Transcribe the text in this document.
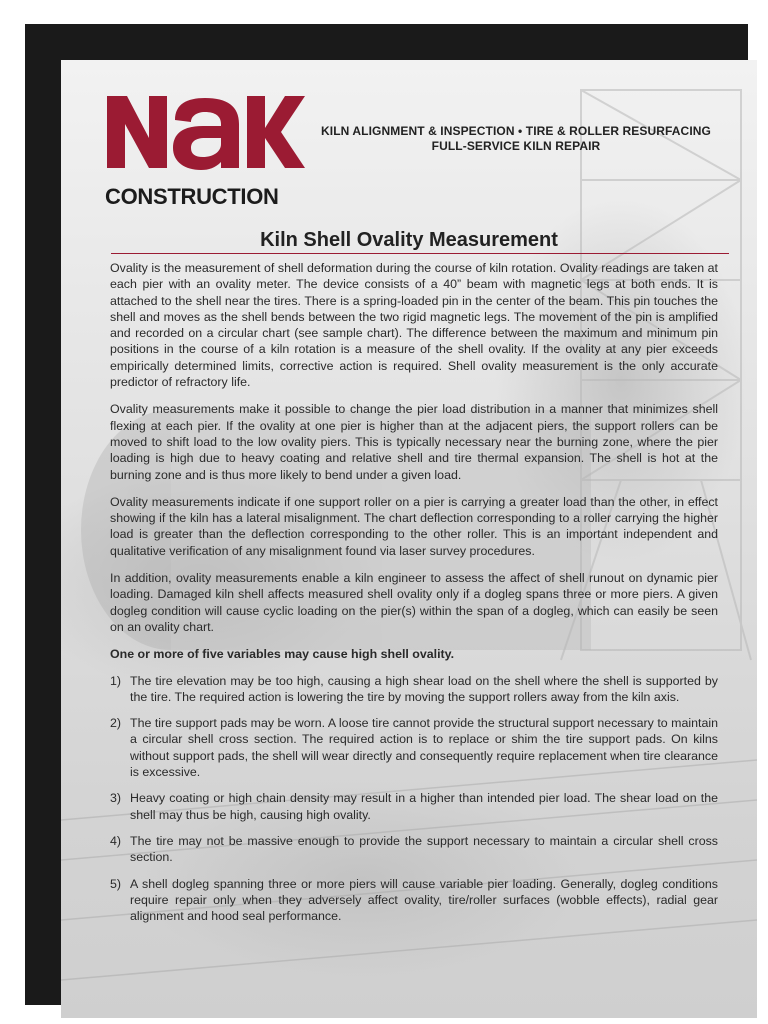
NAK
CONSTRUCTION
KILN ALIGNMENT & INSPECTION • TIRE & ROLLER RESURFACING
FULL-SERVICE KILN REPAIR
Kiln Shell Ovality Measurement

Ovality is the measurement of shell deformation during the course of kiln rotation. Ovality readings are taken at each pier with an ovality meter. The device consists of a 40” beam with magnetic legs at both ends. It is attached to the shell near the tires. There is a spring-loaded pin in the center of the beam. This pin touches the shell and moves as the shell bends between the two rigid magnetic legs. The movement of the pin is amplified and recorded on a circular chart (see sample chart). The difference between the maximum and minimum pin positions in the course of a kiln rotation is a measure of the shell ovality. If the ovality at any pier exceeds empirically determined limits, corrective action is required. Shell ovality measurement is the only accurate predictor of refractory life.

Ovality measurements make it possible to change the pier load distribution in a manner that minimizes shell flexing at each pier. If the ovality at one pier is higher than at the adjacent piers, the support rollers can be moved to shift load to the low ovality piers. This is typically necessary near the burning zone, where the pier loading is high due to heavy coating and relative shell and tire thermal expansion. The shell is hot at the burning zone and is thus more likely to bend under a given load.

Ovality measurements indicate if one support roller on a pier is carrying a greater load than the other, in effect showing if the kiln has a lateral misalignment. The chart deflection corresponding to a roller carrying the higher load is greater than the deflection corresponding to the other roller. This is an important independent and qualitative verification of any misalignment found via laser survey procedures.

In addition, ovality measurements enable a kiln engineer to assess the affect of shell runout on dynamic pier loading. Damaged kiln shell affects measured shell ovality only if a dogleg spans three or more piers. A given dogleg condition will cause cyclic loading on the pier(s) within the span of a dogleg, which can easily be seen on an ovality chart.

One or more of five variables may cause high shell ovality.

1) The tire elevation may be too high, causing a high shear load on the shell where the shell is supported by the tire. The required action is lowering the tire by moving the support rollers away from the kiln axis.
2) The tire support pads may be worn. A loose tire cannot provide the structural support necessary to maintain a circular shell cross section. The required action is to replace or shim the tire support pads. On kilns without support pads, the shell will wear directly and consequently require replacement when tire clearance is excessive.
3) Heavy coating or high chain density may result in a higher than intended pier load. The shear load on the shell may thus be high, causing high ovality.
4) The tire may not be massive enough to provide the support necessary to maintain a circular shell cross section.
5) A shell dogleg spanning three or more piers will cause variable pier loading. Generally, dogleg conditions require repair only when they adversely affect ovality, tire/roller surfaces (wobble effects), radial gear alignment and hood seal performance.
